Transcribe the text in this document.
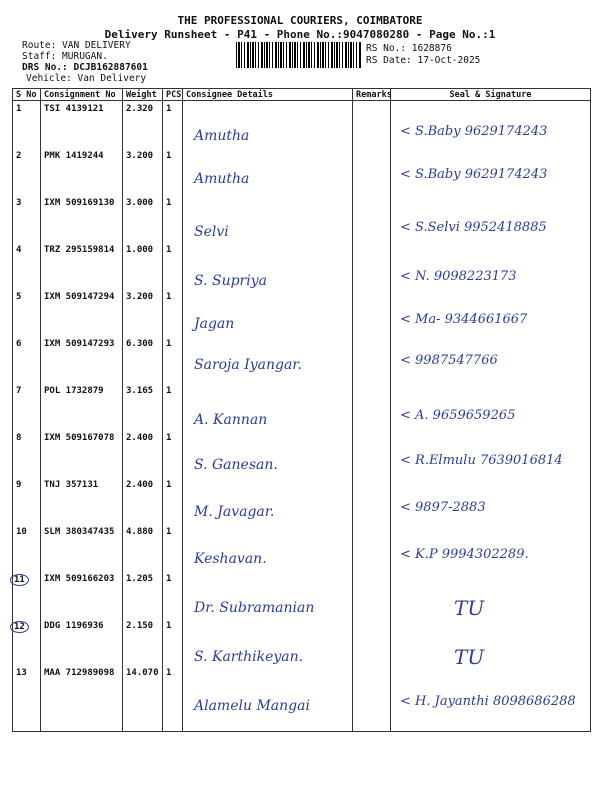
THE PROFESSIONAL COURIERS, COIMBATORE
Delivery Runsheet - P41 - Phone No.:9047080280 - Page No.:1
Route: VAN DELIVERY
Staff: MURUGAN.
DRS No.: DCJB162887601
Vehicle: Van Delivery
RS No.: 1628876
RS Date: 17-Oct-2025
S No	Consignment No	Weight	PCS	Consignee Details	Remarks	Seal & Signature
1	TSI 4139121	2.320	1	Amutha		< S.Baby 9629174243
2	PMK 1419244	3.200	1	Amutha		< S.Baby 9629174243
3	IXM 509169130	3.000	1	Selvi		< S.Selvi 9952418885
4	TRZ 295159814	1.000	1	S. Supriya		< N. 9098223173
5	IXM 509147294	3.200	1	Jagan		< Ma- 9344661667
6	IXM 509147293	6.300	1	Saroja Iyangar.		< 9987547766
7	POL 1732879	3.165	1	A. Kannan		< A. 9659659265
8	IXM 509167078	2.400	1	S. Ganesan.		< R.Elmulu 7639016814
9	TNJ 357131	2.400	1	M. Javagar.		< 9897-2883
10	SLM 380347435	4.880	1	Keshavan.		< K.P 9994302289.
11	IXM 509166203	1.205	1	Dr. Subramanian		TU
12	DDG 1196936	2.150	1	S. Karthikeyan.		TU
13	MAA 712989098	14.070	1	Alamelu Mangai		< H. Jayanthi 8098686288
